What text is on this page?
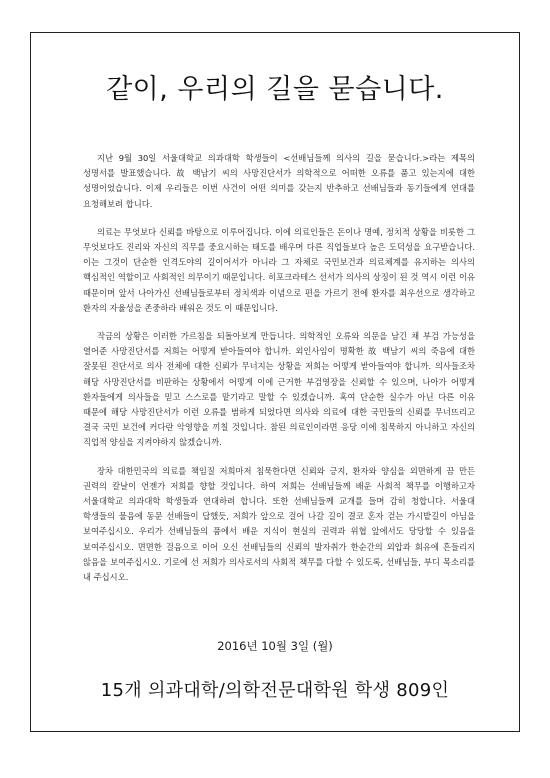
같이, 우리의 길을 묻습니다.

지난 9월 30일 서울대학교 의과대학 학생들이 <선배님들께 의사의 길을 묻습니다.>라는 제목의 성명서를 발표했습니다. 故 백남기 씨의 사망진단서가 의학적으로 어떠한 오류를 품고 있는지에 대한 성명이었습니다. 이제 우리들은 이번 사건이 어떤 의미를 갖는지 반추하고 선배님들과 동기들에게 연대를 요청해보려 합니다.

의료는 무엇보다 신뢰를 바탕으로 이루어집니다. 이에 의료인들은 돈이나 명예, 정치적 상황을 비롯한 그 무엇보다도 진리와 자신의 직무를 중요시하는 태도를 배우며 다른 직업들보다 높은 도덕성을 요구받습니다. 이는 그것이 단순한 인격도야의 길이어서가 아니라 그 자체로 국민보건과 의료체계를 유지하는 의사의 핵심적인 역할이고 사회적인 의무이기 때문입니다. 히포크라테스 선서가 의사의 상징이 된 것 역시 이런 이유 때문이며 앞서 나아가신 선배님들로부터 정치색과 이념으로 편을 가르기 전에 환자를 최우선으로 생각하고 환자의 자율성을 존중하라 배워온 것도 이 때문입니다.

작금의 상황은 이러한 가르침을 되돌아보게 만듭니다. 의학적인 오류와 의문을 남긴 채 부검 가능성을 열어준 사망진단서를 저희는 어떻게 받아들여야 합니까. 외인사임이 명확한 故 백남기 씨의 죽음에 대한 잘못된 진단서로 의사 전체에 대한 신뢰가 무너지는 상황을 저희는 어떻게 받아들여야 합니까. 의사들조차 해당 사망진단서를 비판하는 상황에서 어떻게 이에 근거한 부검영장을 신뢰할 수 있으며, 나아가 어떻게 환자들에게 의사들을 믿고 스스로를 맡기라고 말할 수 있겠습니까. 혹여 단순한 실수가 아닌 다른 이유 때문에 해당 사망진단서가 이런 오류를 범하게 되었다면 의사와 의료에 대한 국민들의 신뢰를 무너뜨리고 결국 국민 보건에 커다란 악영향을 끼칠 것입니다. 참된 의료인이라면 응당 이에 침묵하지 아니하고 자신의 직업적 양심을 지켜야하지 않겠습니까.

장차 대한민국의 의료를 책임질 저희마저 침묵한다면 신뢰와 긍지, 환자와 양심을 외면하게 끔 만든 권력의 칼날이 언젠가 저희를 향할 것입니다. 하여 저희는 선배님들께 배운 사회적 책무를 이행하고자 서울대학교 의과대학 학생들과 연대하려 합니다. 또한 선배님들께 교개를 들며 감히 청합니다. 서울대 학생들의 물음에 동문 선배들이 답했듯, 저희가 앞으로 걸어 나갈 길이 결코 혼자 걷는 가시밭길이 아님을 보여주십시오. 우리가 선배님들의 품에서 배운 지식이 현실의 권력과 위협 앞에서도 당당할 수 있음을 보여주십시오. 면면한 걸음으로 이어 오신 선배님들의 신뢰의 발자취가 한순간의 외압과 회유에 흔들리지 않음을 보여주십시오. 기로에 선 저희가 의사로서의 사회적 책무를 다할 수 있도록, 선배님들, 부디 목소리를 내 주십시오.

2016년 10월 3일 (월)
15개 의과대학/의학전문대학원 학생 809인
